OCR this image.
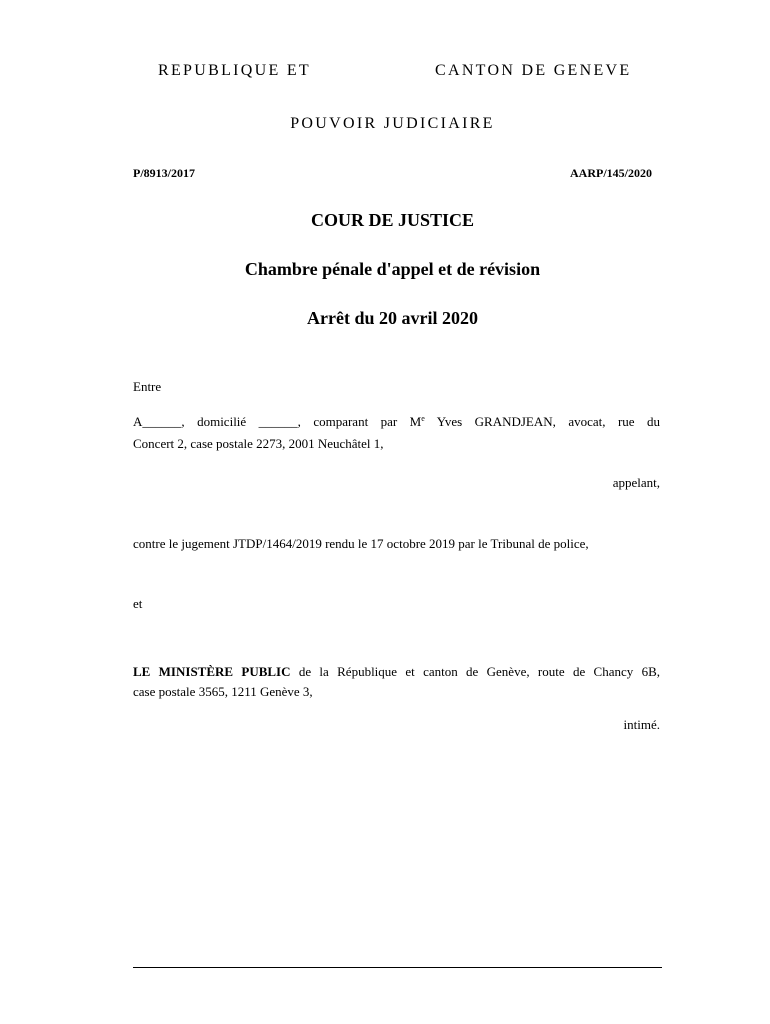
REPUBLIQUE ET	CANTON DE GENEVE
POUVOIR JUDICIAIRE
P/8913/2017	AARP/145/2020
COUR DE JUSTICE
Chambre pénale d'appel et de révision
Arrêt du 20 avril 2020
Entre
A______, domicilié ______, comparant par Me Yves GRANDJEAN, avocat, rue du
Concert 2, case postale 2273, 2001 Neuchâtel 1,
appelant,
contre le jugement JTDP/1464/2019 rendu le 17 octobre 2019 par le Tribunal de police,
et
LE MINISTÈRE PUBLIC de la République et canton de Genève, route de Chancy 6B,
case postale 3565, 1211 Genève 3,
intimé.
